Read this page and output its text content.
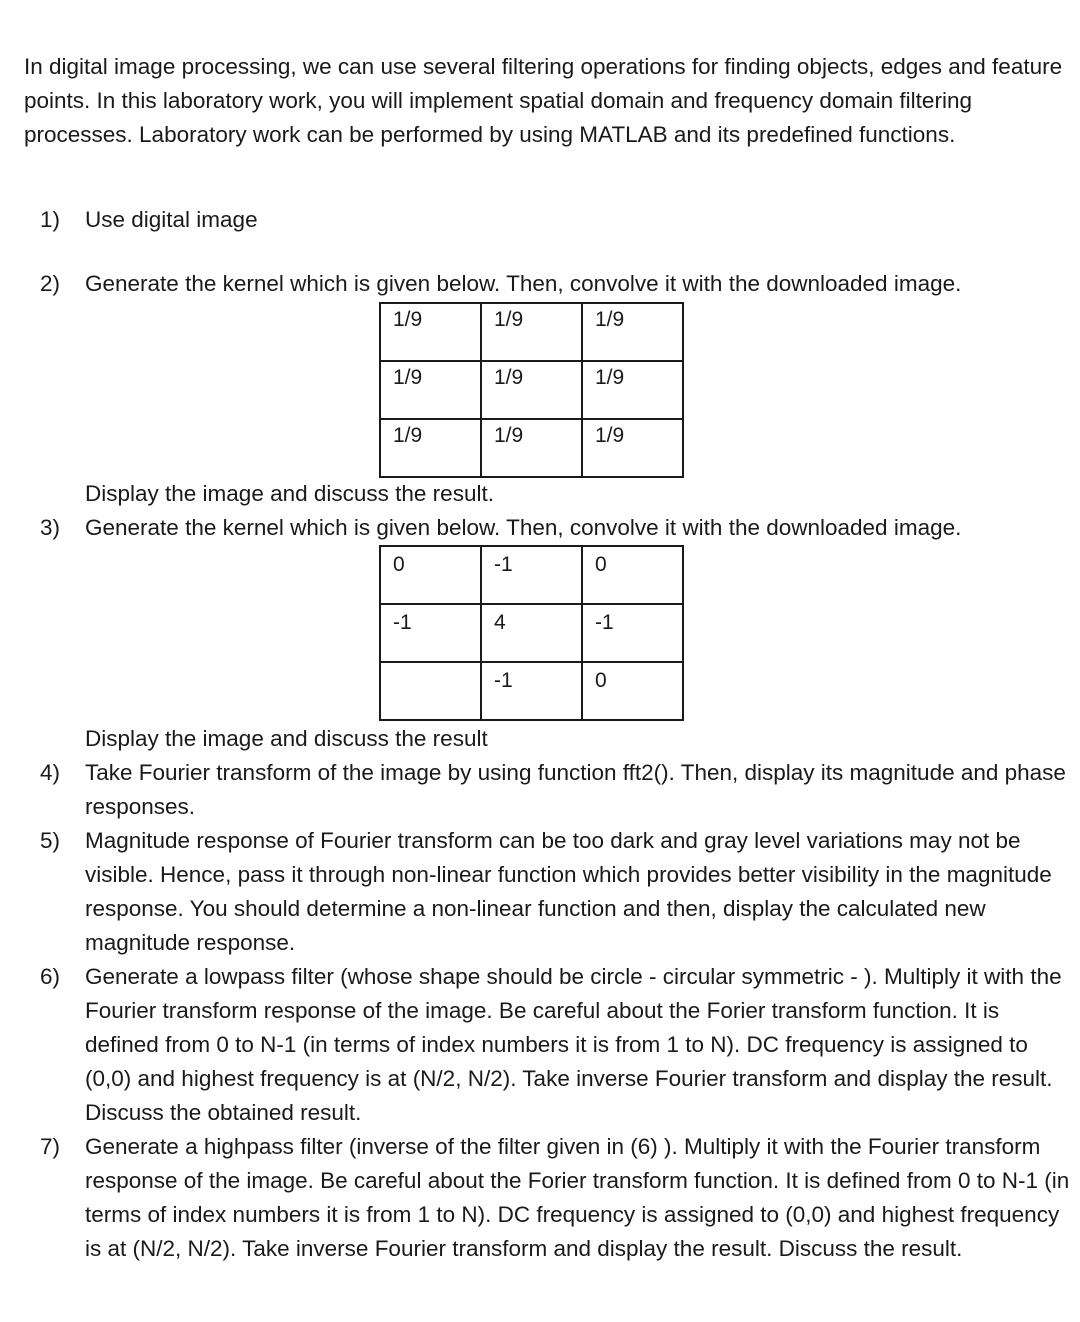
In digital image processing, we can use several filtering operations for finding objects, edges and feature points. In this laboratory work, you will implement spatial domain and frequency domain filtering processes. Laboratory work can be performed by using MATLAB and its predefined functions.

1)	Use digital image

2)	Generate the kernel which is given below. Then, convolve it with the downloaded image.

1/9	1/9	1/9
1/9	1/9	1/9
1/9	1/9	1/9

Display the image and discuss the result.

3)	Generate the kernel which is given below. Then, convolve it with the downloaded image.

0	-1	0
-1	4	-1
	-1	0

Display the image and discuss the result

4)	Take Fourier transform of the image by using function fft2(). Then, display its magnitude and phase responses.

5)	Magnitude response of Fourier transform can be too dark and gray level variations may not be visible. Hence, pass it through non-linear function which provides better visibility in the magnitude response. You should determine a non-linear function and then, display the calculated new magnitude response.

6)	Generate a lowpass filter (whose shape should be circle - circular symmetric - ). Multiply it with the Fourier transform response of the image. Be careful about the Forier transform function. It is defined from 0 to N-1 (in terms of index numbers it is from 1 to N). DC frequency is assigned to (0,0) and highest frequency is at (N/2, N/2). Take inverse Fourier transform and display the result. Discuss the obtained result.

7)	Generate a highpass filter (inverse of the filter given in (6) ). Multiply it with the Fourier transform response of the image. Be careful about the Forier transform function. It is defined from 0 to N-1 (in terms of index numbers it is from 1 to N). DC frequency is assigned to (0,0) and highest frequency is at (N/2, N/2). Take inverse Fourier transform and display the result. Discuss the result.
